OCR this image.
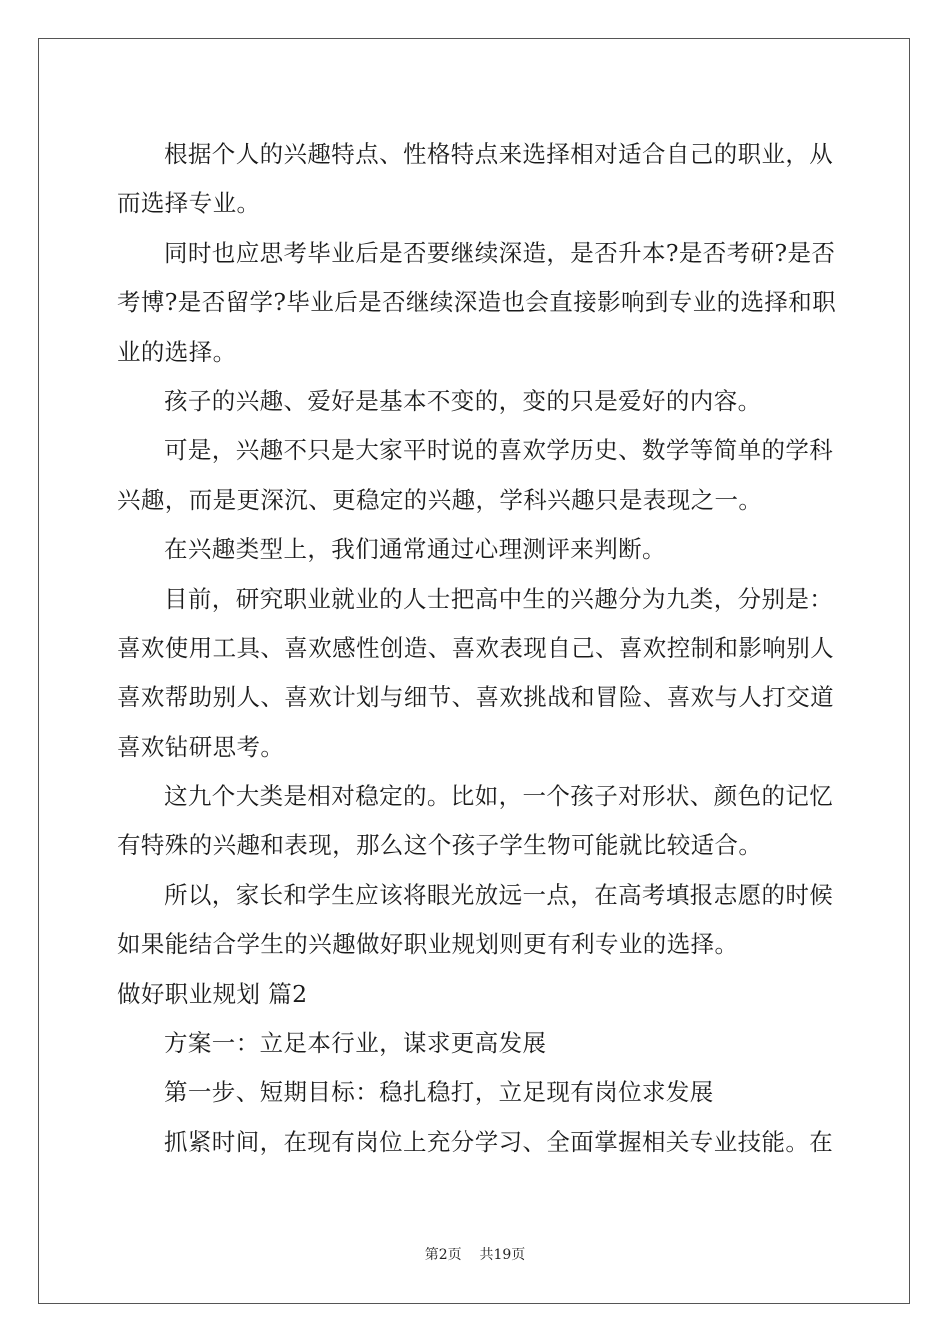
根据个人的兴趣特点、性格特点来选择相对适合自己的职业，从
而选择专业。
同时也应思考毕业后是否要继续深造，是否升本?是否考研?是否
考博?是否留学?毕业后是否继续深造也会直接影响到专业的选择和职
业的选择。
孩子的兴趣、爱好是基本不变的，变的只是爱好的内容。
可是，兴趣不只是大家平时说的喜欢学历史、数学等简单的学科
兴趣，而是更深沉、更稳定的兴趣，学科兴趣只是表现之一。
在兴趣类型上，我们通常通过心理测评来判断。
目前，研究职业就业的人士把高中生的兴趣分为九类，分别是：
喜欢使用工具、喜欢感性创造、喜欢表现自己、喜欢控制和影响别人
喜欢帮助别人、喜欢计划与细节、喜欢挑战和冒险、喜欢与人打交道
喜欢钻研思考。
这九个大类是相对稳定的。比如，一个孩子对形状、颜色的记忆
有特殊的兴趣和表现，那么这个孩子学生物可能就比较适合。
所以，家长和学生应该将眼光放远一点，在高考填报志愿的时候
如果能结合学生的兴趣做好职业规划则更有利专业的选择。
做好职业规划 篇2
方案一：立足本行业，谋求更高发展
第一步、短期目标：稳扎稳打，立足现有岗位求发展
抓紧时间，在现有岗位上充分学习、全面掌握相关专业技能。在
第2页 共19页
